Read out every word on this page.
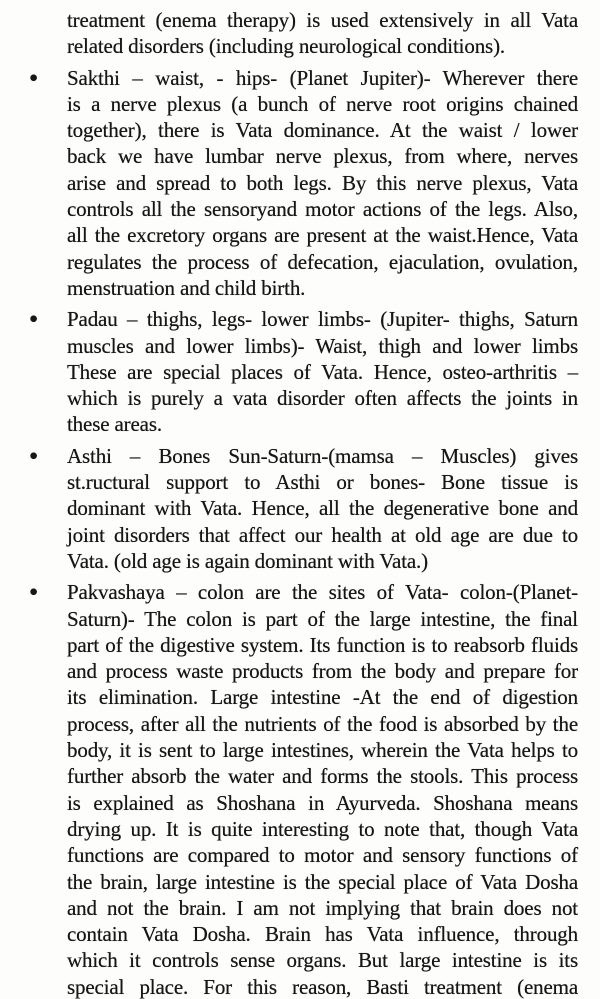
treatment (enema therapy) is used extensively in all Vata
related disorders (including neurological conditions).
●	Sakthi – waist, - hips- (Planet Jupiter)- Wherever there
is a nerve plexus (a bunch of nerve root origins chained
together), there is Vata dominance. At the waist / lower
back we have lumbar nerve plexus, from where, nerves
arise and spread to both legs. By this nerve plexus, Vata
controls all the sensoryand motor actions of the legs. Also,
all the excretory organs are present at the waist.Hence, Vata
regulates the process of defecation, ejaculation, ovulation,
menstruation and child birth.
●	Padau – thighs, legs- lower limbs- (Jupiter- thighs, Saturn
muscles and lower limbs)- Waist, thigh and lower limbs
These are special places of Vata. Hence, osteo-arthritis –
which is purely a vata disorder often affects the joints in
these areas.
●	Asthi – Bones Sun-Saturn-(mamsa – Muscles) gives
st.ructural support to Asthi or bones- Bone tissue is
dominant with Vata. Hence, all the degenerative bone and
joint disorders that affect our health at old age are due to
Vata. (old age is again dominant with Vata.)
●	Pakvashaya – colon are the sites of Vata- colon-(Planet-
Saturn)- The colon is part of the large intestine, the final
part of the digestive system. Its function is to reabsorb fluids
and process waste products from the body and prepare for
its elimination. Large intestine -At the end of digestion
process, after all the nutrients of the food is absorbed by the
body, it is sent to large intestines, wherein the Vata helps to
further absorb the water and forms the stools. This process
is explained as Shoshana in Ayurveda. Shoshana means
drying up. It is quite interesting to note that, though Vata
functions are compared to motor and sensory functions of
the brain, large intestine is the special place of Vata Dosha
and not the brain. I am not implying that brain does not
contain Vata Dosha. Brain has Vata influence, through
which it controls sense organs. But large intestine is its
special place. For this reason, Basti treatment (enema
